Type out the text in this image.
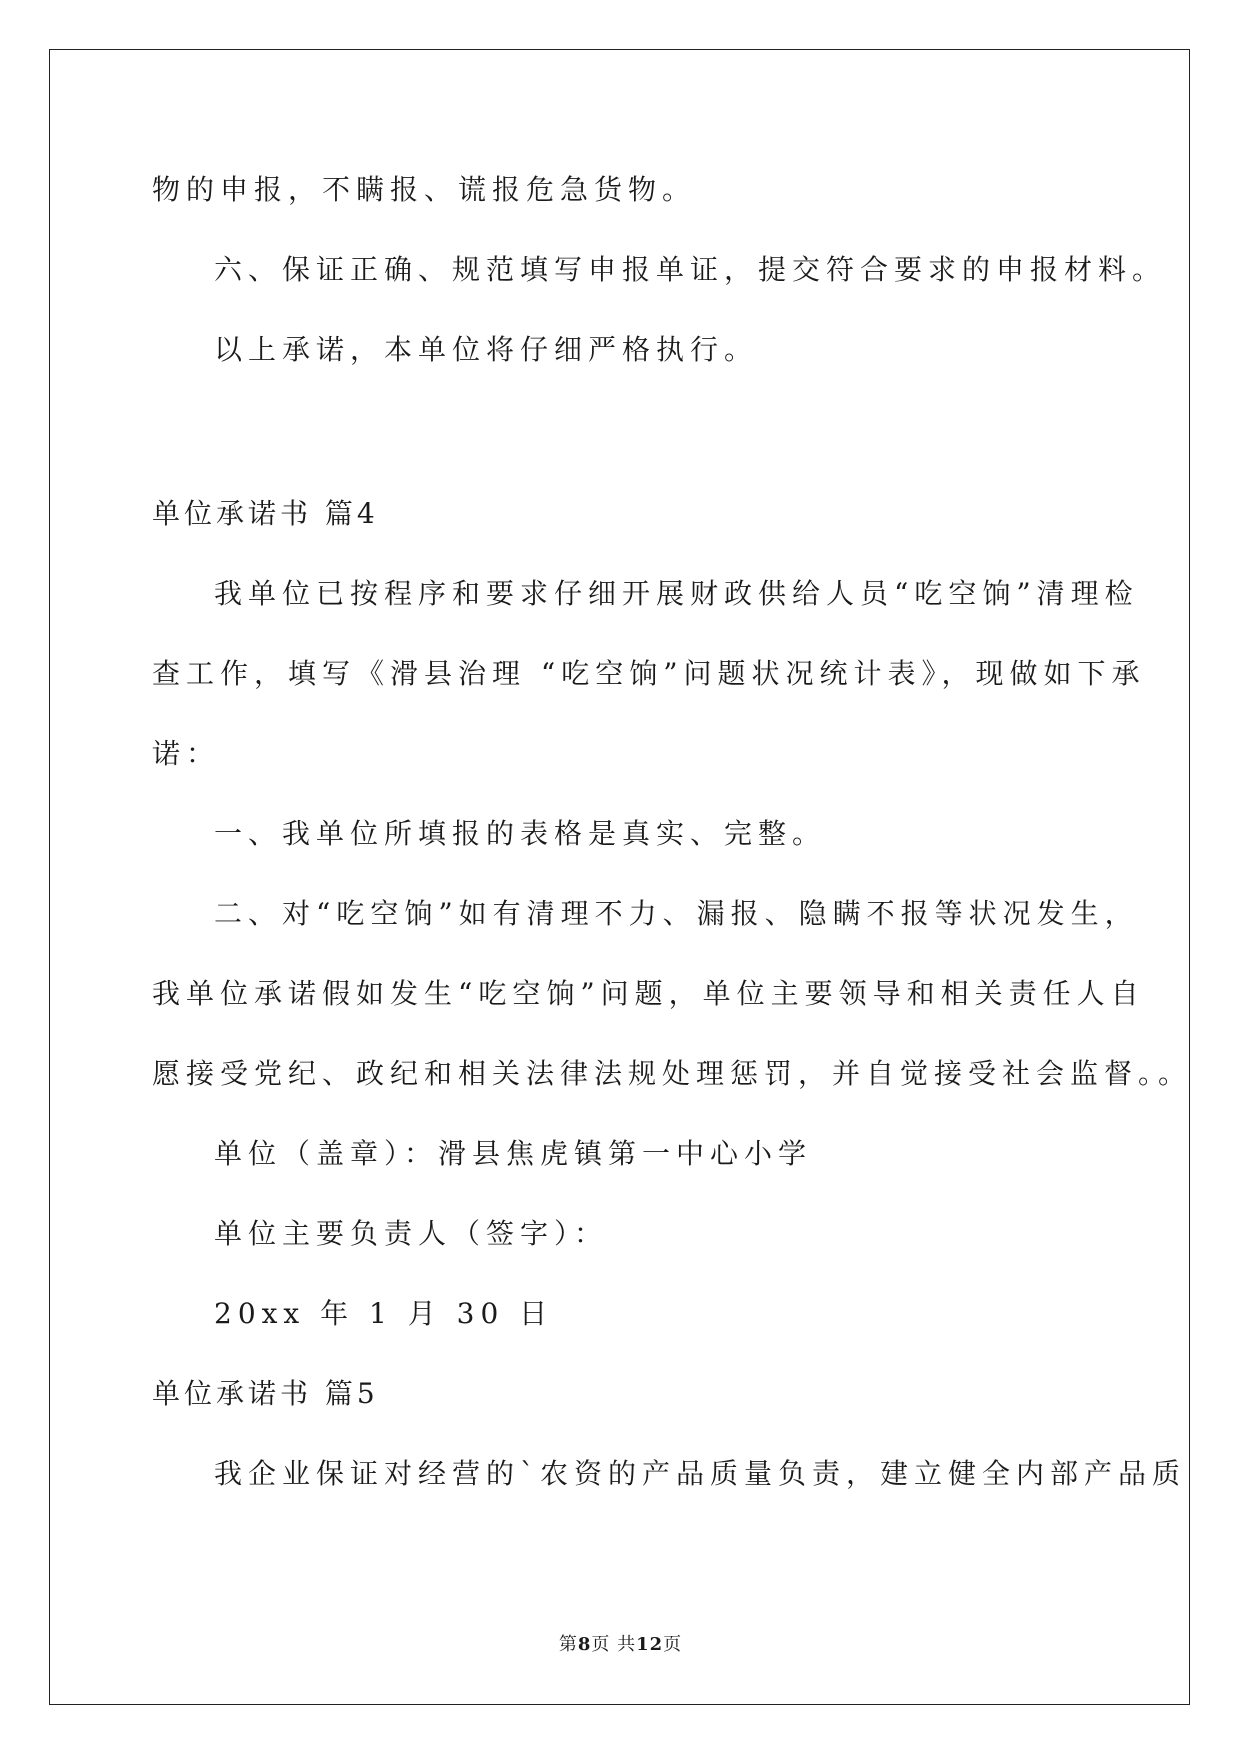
物的申报，不瞒报、谎报危急货物。
六、保证正确、规范填写申报单证，提交符合要求的申报材料。
以上承诺，本单位将仔细严格执行。
单位承诺书 篇4
我单位已按程序和要求仔细开展财政供给人员“吃空饷”清理检
查工作，填写《滑县治理 “吃空饷”问题状况统计表》，现做如下承
诺：
一、我单位所填报的表格是真实、完整。
二、对“吃空饷”如有清理不力、漏报、隐瞒不报等状况发生，
我单位承诺假如发生“吃空饷”问题，单位主要领导和相关责任人自
愿接受党纪、政纪和相关法律法规处理惩罚，并自觉接受社会监督。。
单位（盖章）：滑县焦虎镇第一中心小学
单位主要负责人（签字）：
20xx 年 1 月 30 日
单位承诺书 篇5
我企业保证对经营的`农资的产品质量负责，建立健全内部产品质
第8页 共12页
